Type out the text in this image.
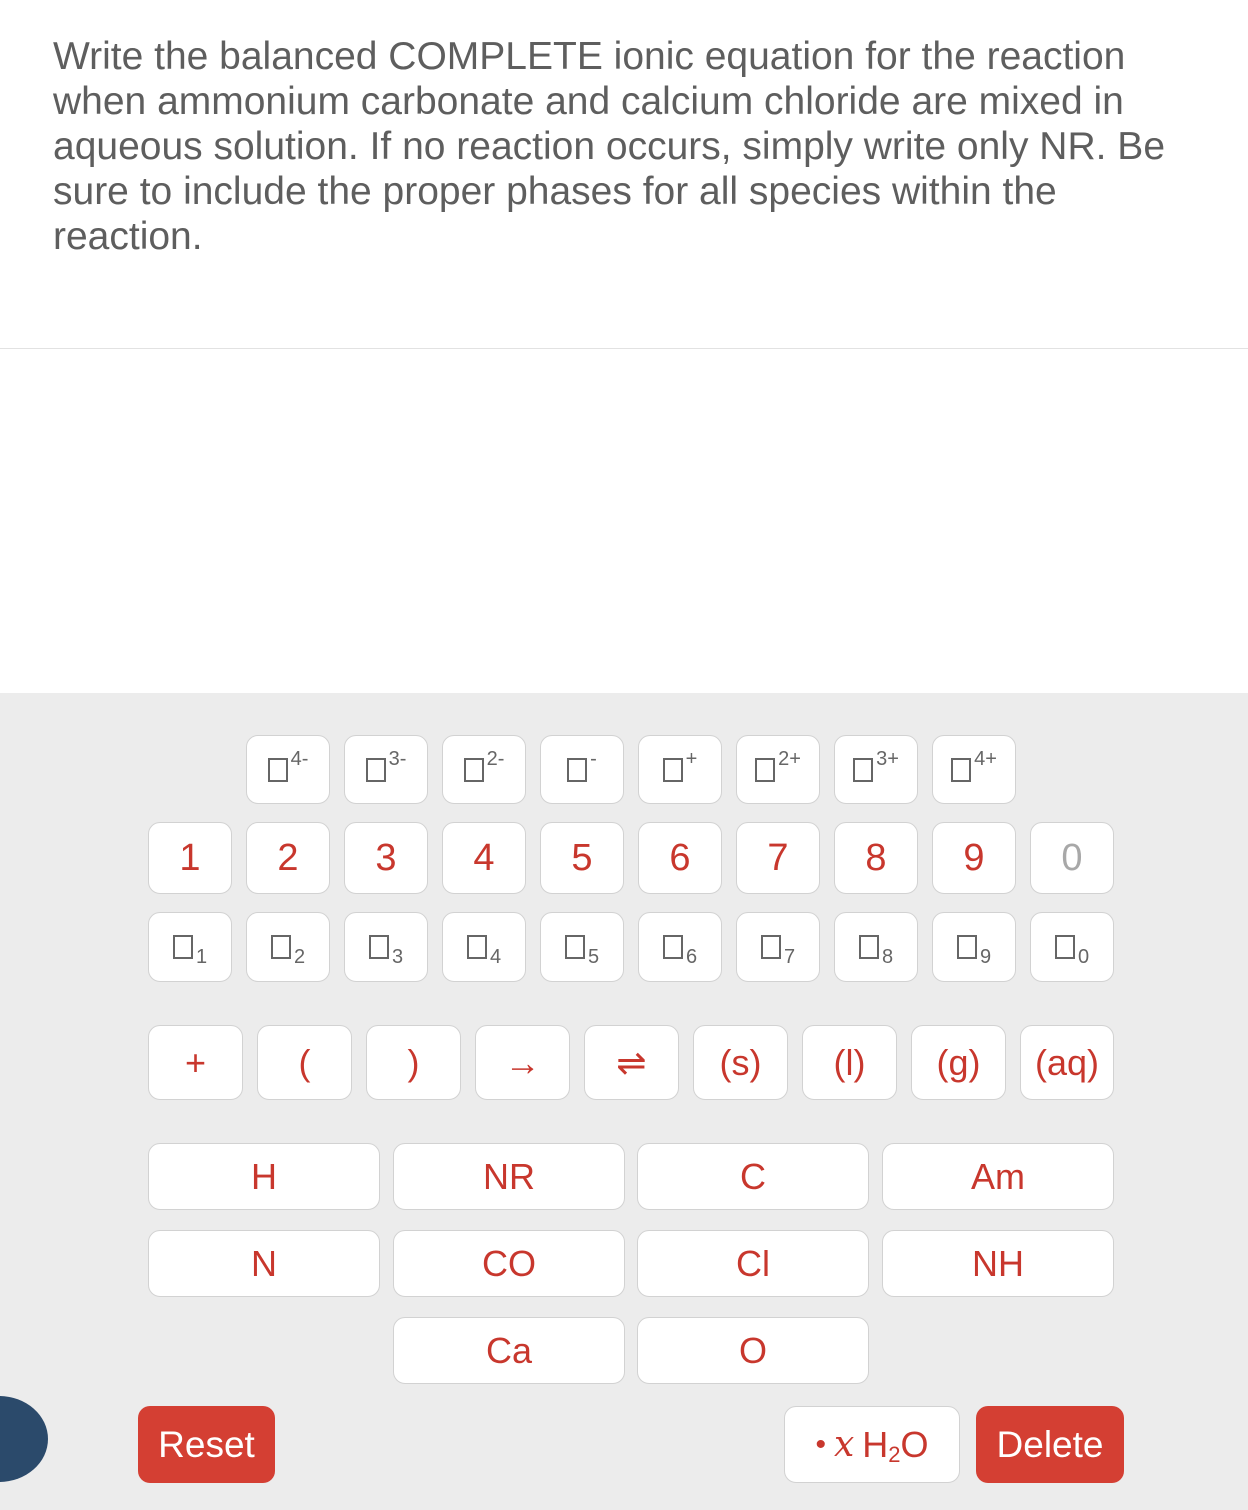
Write the balanced COMPLETE ionic equation for the reaction when ammonium carbonate and calcium chloride are mixed in aqueous solution. If no reaction occurs, simply write only NR. Be sure to include the proper phases for all species within the reaction.
4-	3-	2-	-	+	2+	3+	4+
1	2	3	4	5	6	7	8	9	0
1	2	3	4	5	6	7	8	9	0
+	(	)	→	⇌	(s)	(l)	(g)	(aq)
H	NR	C	Am
N	CO	Cl	NH
Ca	O
Reset	• x H 2 O	Delete
